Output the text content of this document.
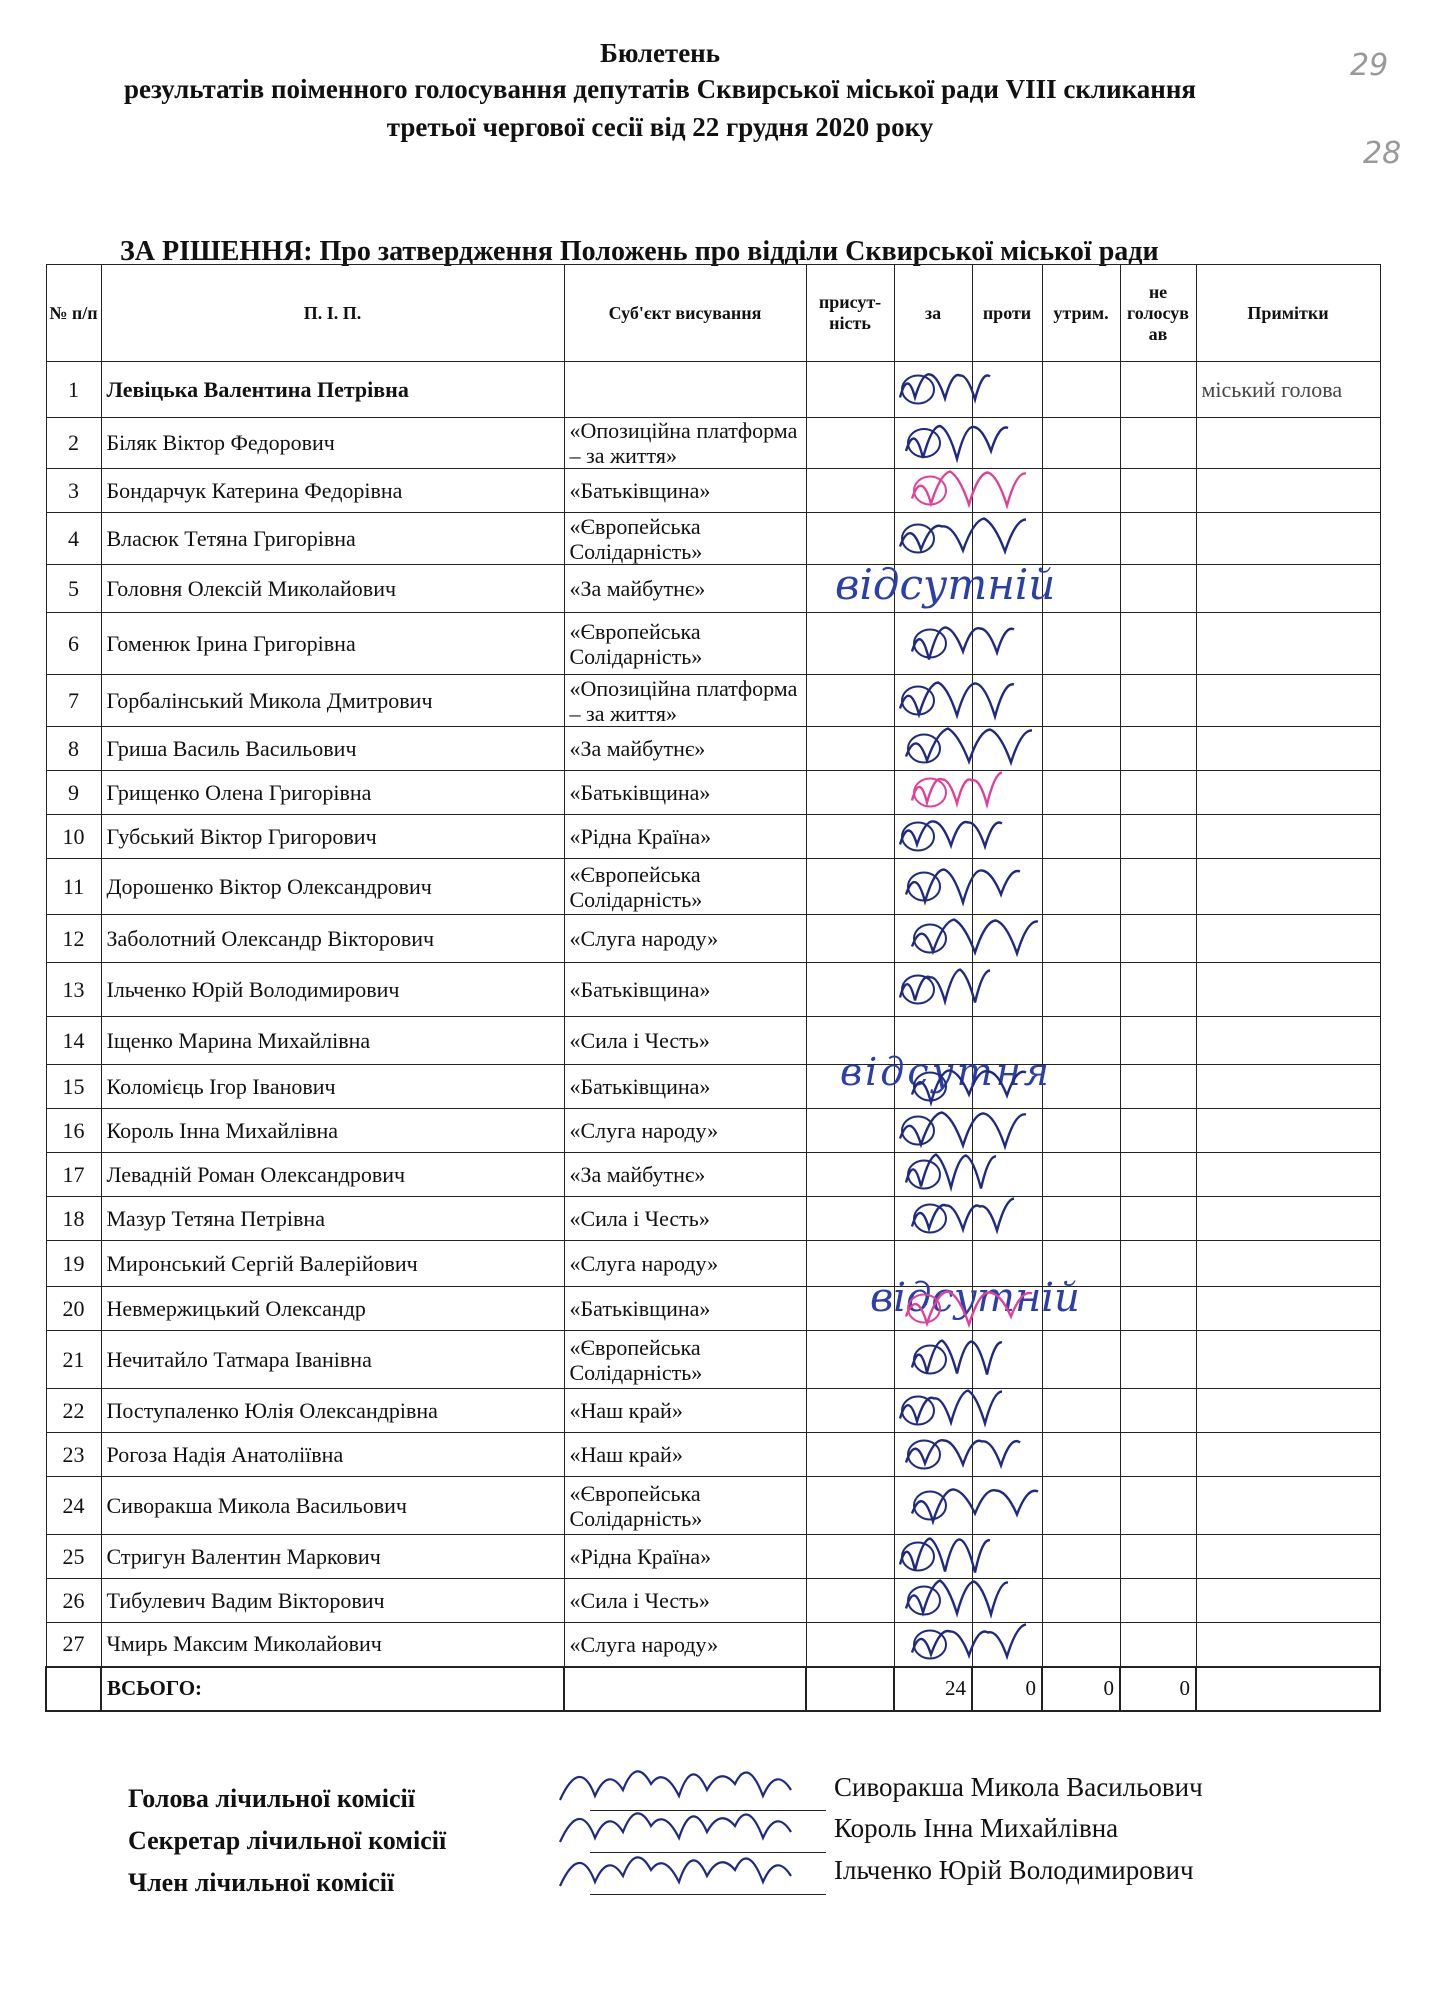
Бюлетень
результатів поіменного голосування депутатів Сквирської міської ради VIII скликання
третьої чергової сесії від 22 грудня 2020 року
29
28
ЗА РІШЕННЯ: Про затвердження Положень про відділи Сквирської міської ради
№ п/п	П. І. П.	Суб'єкт висування	присут-ність	за	проти	утрим.	не голосув ав	Примітки
1	Левіцька Валентина Петрівна							міський голова
2	Біляк Віктор Федорович	«Опозиційна платформа – за життя»						
3	Бондарчук Катерина Федорівна	«Батьківщина»						
4	Власюк Тетяна Григорівна	«Європейська Солідарність»						
5	Головня Олексій Миколайович	«За майбутнє»						
6	Гоменюк Ірина Григорівна	«Європейська Солідарність»						
7	Горбалінський Микола Дмитрович	«Опозиційна платформа – за життя»						
8	Гриша Василь Васильович	«За майбутнє»						
9	Грищенко Олена Григорівна	«Батьківщина»						
10	Губський Віктор Григорович	«Рідна Країна»						
11	Дорошенко Віктор Олександрович	«Європейська Солідарність»						
12	Заболотний Олександр Вікторович	«Слуга народу»						
13	Ільченко Юрій Володимирович	«Батьківщина»						
14	Іщенко Марина Михайлівна	«Сила і Честь»						
15	Коломієць Ігор Іванович	«Батьківщина»						
16	Король Інна Михайлівна	«Слуга народу»						
17	Левадній Роман Олександрович	«За майбутнє»						
18	Мазур Тетяна Петрівна	«Сила і Честь»						
19	Миронський Сергій Валерійович	«Слуга народу»						
20	Невмержицький Олександр	«Батьківщина»						
21	Нечитайло Татмара Іванівна	«Європейська Солідарність»						
22	Поступаленко Юлія Олександрівна	«Наш край»						
23	Рогоза Надія Анатоліївна	«Наш край»						
24	Сиворакша Микола Васильович	«Європейська Солідарність»						
25	Стригун Валентин Маркович	«Рідна Країна»						
26	Тибулевич Вадим Вікторович	«Сила і Честь»						
27	Чмирь Максим Миколайович	«Слуга народу»						
	ВСЬОГО:			24	0	0	0	
відсутній
відсутня
відсутній
Голова лічильної комісії
Секретар лічильної комісії
Член лічильної комісії
Сиворакша Микола Васильович
Король Інна Михайлівна
Ільченко Юрій Володимирович
